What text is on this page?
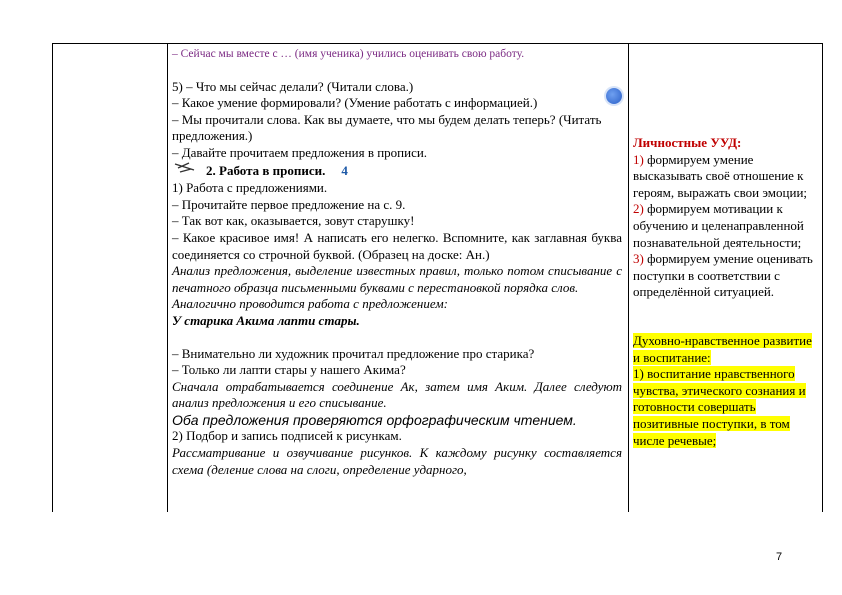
– Сейчас мы вместе с … (имя ученика) учились оценивать свою работу.

5) – Что мы сейчас делали? (Читали слова.)

– Какое умение формировали? (Умение работать с информацией.)

– Мы прочитали слова. Как вы думаете, что мы будем делать теперь? (Читать предложения.)

– Давайте прочитаем предложения в прописи.

2. Работа в прописи. 4

1) Работа с предложениями.

– Прочитайте первое предложение на с. 9.

– Так вот как, оказывается, зовут старушку!

– Какое красивое имя! А написать его нелегко. Вспомните, как заглавная буква соединяется со строчной буквой. (Образец на доске: Ан.)

Анализ предложения, выделение известных правил, только потом списывание с печатного образца письменными буквами с перестановкой порядка слов.

Аналогично проводится работа с предложением:

У старика Акима лапти стары.

– Внимательно ли художник прочитал предложение про старика?

– Только ли лапти стары у нашего Акима?

Сначала отрабатывается соединение Ак, затем имя Аким. Далее следуют анализ предложения и его списывание.

Оба предложения проверяются орфографическим чтением.

2) Подбор и запись подписей к рисункам.

Рассматривание и озвучивание рисунков. К каждому рисунку составляется схема (деление слова на слоги, определение ударного,

Личностные УУД:

1) формируем умение высказывать своё отношение к героям, выражать свои эмоции;

2) формируем мотивации к обучению и целенаправленной познавательной деятельности;

3) формируем умение оценивать поступки в соответствии с определённой ситуацией.

Духовно-нравственное развитие и воспитание:

1) воспитание нравственного чувства, этического сознания и готовности совершать позитивные поступки, в том числе речевые;

7
